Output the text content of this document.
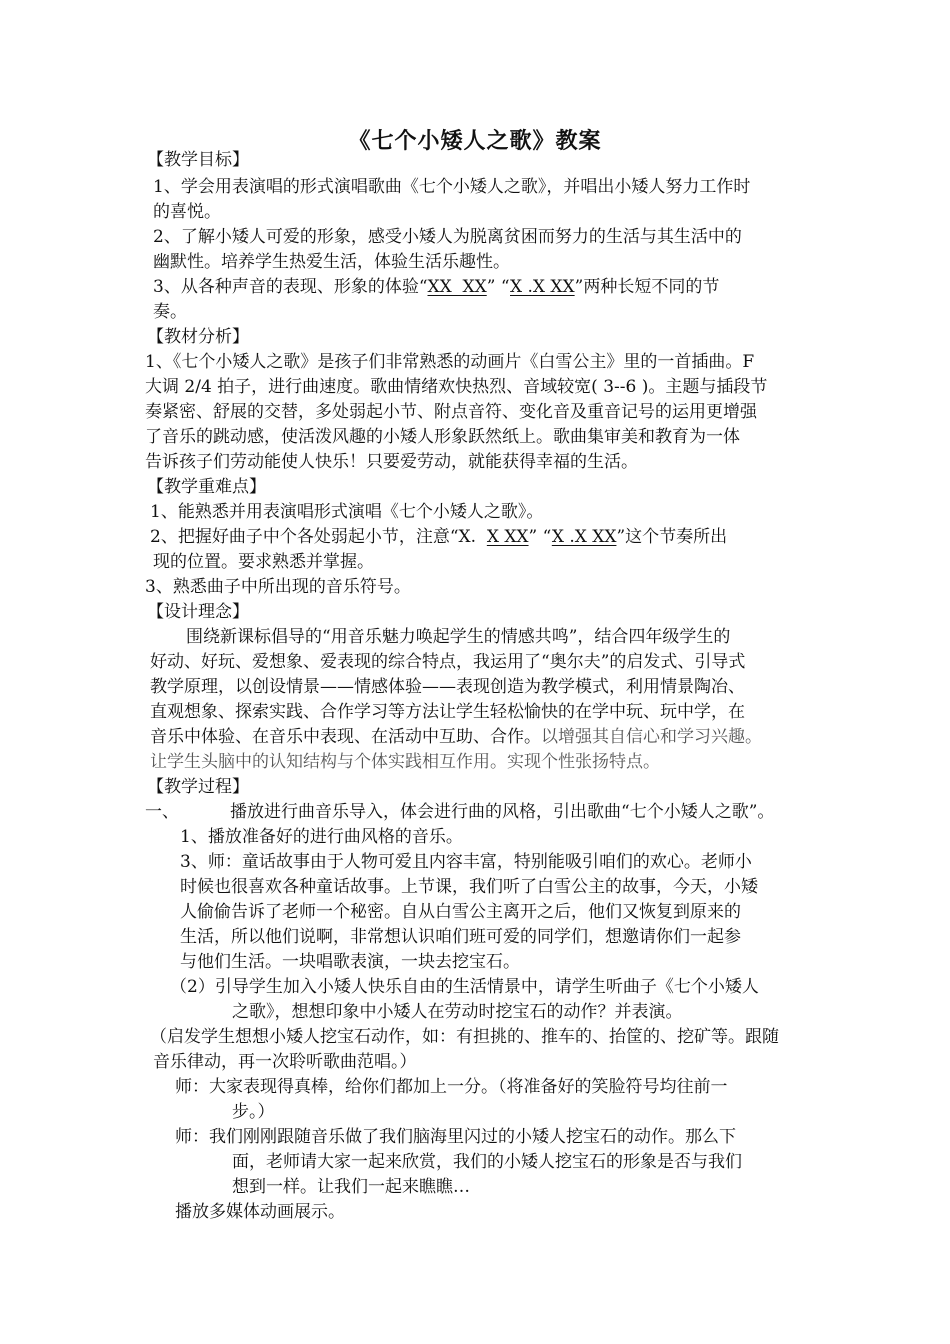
《七个小矮人之歌》教案
【教学目标】
1、学会用表演唱的形式演唱歌曲《七个小矮人之歌》，并唱出小矮人努力工作时
的喜悦。
2、了解小矮人可爱的形象，感受小矮人为脱离贫困而努力的生活与其生活中的
幽默性。培养学生热爱生活，体验生活乐趣性。
3、从各种声音的表现、形象的体验“XX  XX” “X .X XX”两种长短不同的节
奏。
【教材分析】
1、《七个小矮人之歌》是孩子们非常熟悉的动画片《白雪公主》里的一首插曲。F
大调 2/4 拍子，进行曲速度。歌曲情绪欢快热烈、音域较宽( 3--6 )。主题与插段节
奏紧密、舒展的交替，多处弱起小节、附点音符、变化音及重音记号的运用更增强
了音乐的跳动感，使活泼风趣的小矮人形象跃然纸上。歌曲集审美和教育为一体
告诉孩子们劳动能使人快乐！只要爱劳动，就能获得幸福的生活。
【教学重难点】
1、能熟悉并用表演唱形式演唱《七个小矮人之歌》。
2、把握好曲子中个各处弱起小节，注意“X.  X XX” “X .X XX”这个节奏所出
现的位置。要求熟悉并掌握。
3、熟悉曲子中所出现的音乐符号。
【设计理念】
围绕新课标倡导的“用音乐魅力唤起学生的情感共鸣”，结合四年级学生的
好动、好玩、爱想象、爱表现的综合特点，我运用了“奥尔夫”的启发式、引导式
教学原理，以创设情景——情感体验——表现创造为教学模式，利用情景陶冶、
直观想象、探索实践、合作学习等方法让学生轻松愉快的在学中玩、玩中学，在
音乐中体验、在音乐中表现、在活动中互助、合作。以增强其自信心和学习兴趣。
让学生头脑中的认知结构与个体实践相互作用。实现个性张扬特点。
【教学过程】
一、	播放进行曲音乐导入，体会进行曲的风格，引出歌曲“七个小矮人之歌”。
1、播放准备好的进行曲风格的音乐。
3、师：童话故事由于人物可爱且内容丰富，特别能吸引咱们的欢心。老师小
时候也很喜欢各种童话故事。上节课，我们听了白雪公主的故事，今天，小矮
人偷偷告诉了老师一个秘密。自从白雪公主离开之后，他们又恢复到原来的
生活，所以他们说啊，非常想认识咱们班可爱的同学们，想邀请你们一起参
与他们生活。一块唱歌表演，一块去挖宝石。
（2）引导学生加入小矮人快乐自由的生活情景中，请学生听曲子《七个小矮人
之歌》，想想印象中小矮人在劳动时挖宝石的动作？并表演。
（启发学生想想小矮人挖宝石动作，如：有担挑的、推车的、抬筐的、挖矿等。跟随
音乐律动，再一次聆听歌曲范唱。）
师：大家表现得真棒，给你们都加上一分。（将准备好的笑脸符号均往前一
步。）
师：我们刚刚跟随音乐做了我们脑海里闪过的小矮人挖宝石的动作。那么下
面，老师请大家一起来欣赏，我们的小矮人挖宝石的形象是否与我们
想到一样。让我们一起来瞧瞧…
播放多媒体动画展示。
